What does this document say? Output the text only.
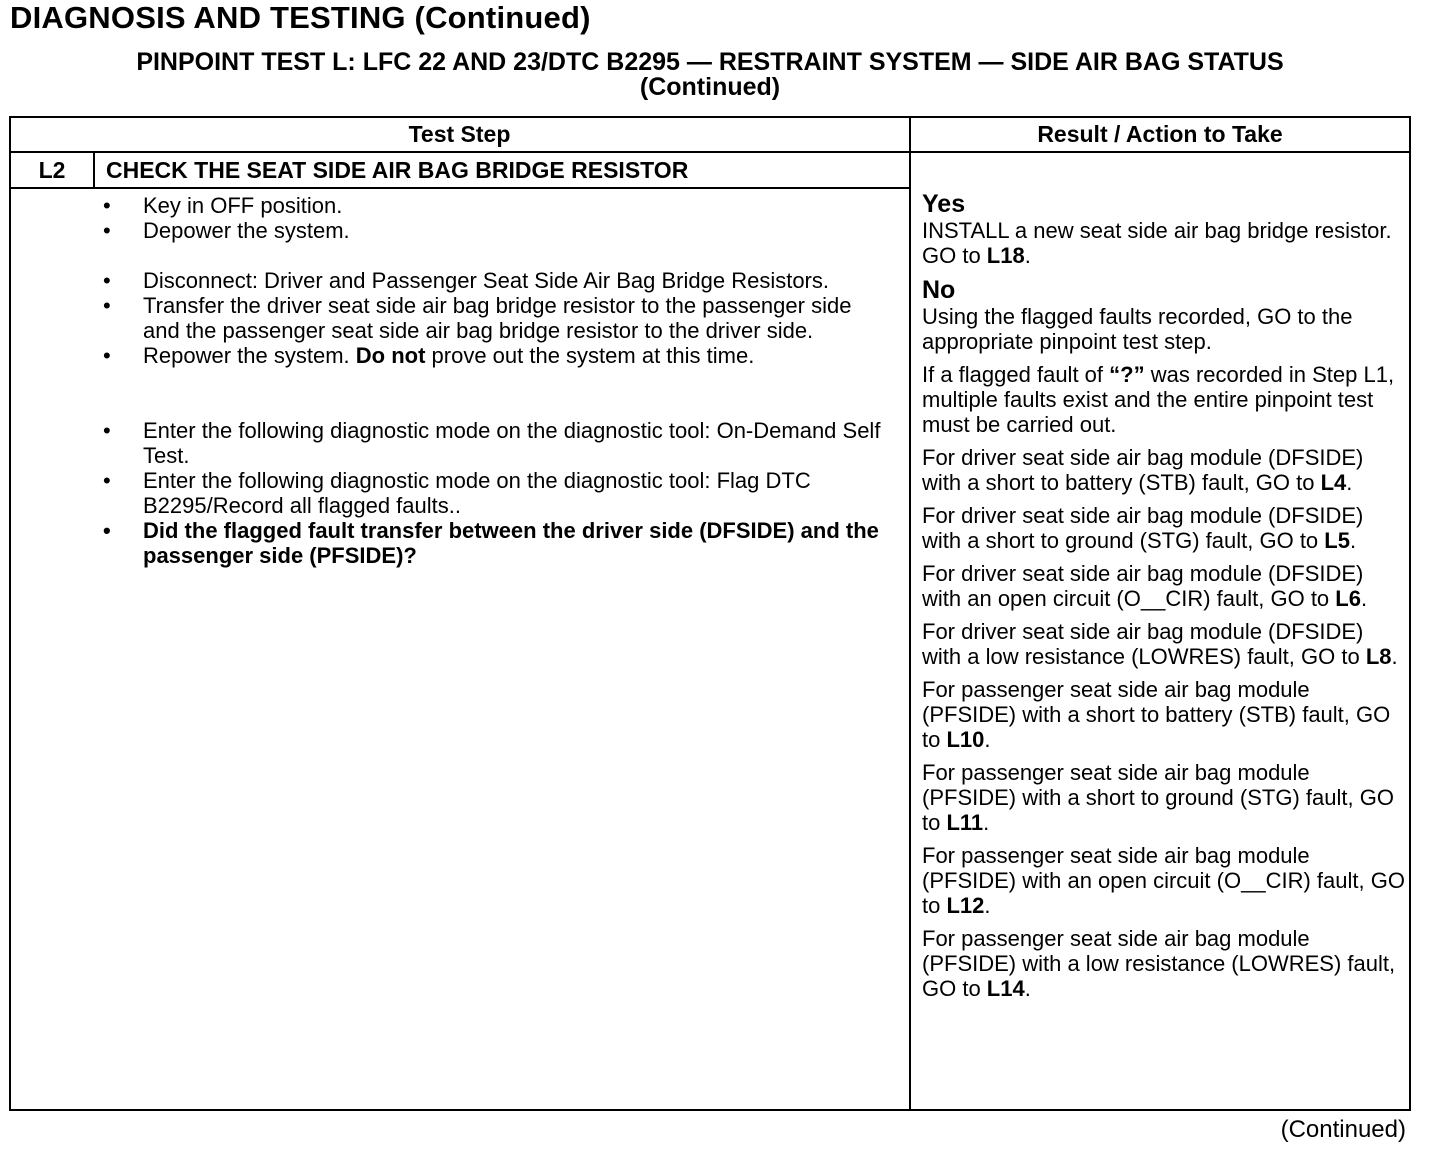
DIAGNOSIS AND TESTING (Continued)
PINPOINT TEST L: LFC 22 AND 23/DTC B2295 — RESTRAINT SYSTEM — SIDE AIR BAG STATUS
(Continued)
Test Step	Result / Action to Take
L2	CHECK THE SEAT SIDE AIR BAG BRIDGE RESISTOR

• Key in OFF position.

• Depower the system.

• Disconnect: Driver and Passenger Seat Side Air Bag Bridge Resistors.

• Transfer the driver seat side air bag bridge resistor to the passenger side and the passenger seat side air bag bridge resistor to the driver side.

• Repower the system. Do not prove out the system at this time.

• Enter the following diagnostic mode on the diagnostic tool: On-Demand Self Test.

• Enter the following diagnostic mode on the diagnostic tool: Flag DTC B2295/Record all flagged faults..

• Did the flagged fault transfer between the driver side (DFSIDE) and the passenger side (PFSIDE)?

Yes

INSTALL a new seat side air bag bridge resistor. GO to L18.

No

Using the flagged faults recorded, GO to the appropriate pinpoint test step.

If a flagged fault of “?” was recorded in Step L1, multiple faults exist and the entire pinpoint test must be carried out.

For driver seat side air bag module (DFSIDE) with a short to battery (STB) fault, GO to L4.

For driver seat side air bag module (DFSIDE) with a short to ground (STG) fault, GO to L5.

For driver seat side air bag module (DFSIDE) with an open circuit (O__CIR) fault, GO to L6.

For driver seat side air bag module (DFSIDE) with a low resistance (LOWRES) fault, GO to L8.

For passenger seat side air bag module (PFSIDE) with a short to battery (STB) fault, GO to L10.

For passenger seat side air bag module (PFSIDE) with a short to ground (STG) fault, GO to L11.

For passenger seat side air bag module (PFSIDE) with an open circuit (O__CIR) fault, GO to L12.

For passenger seat side air bag module (PFSIDE) with a low resistance (LOWRES) fault, GO to L14.

(Continued)
